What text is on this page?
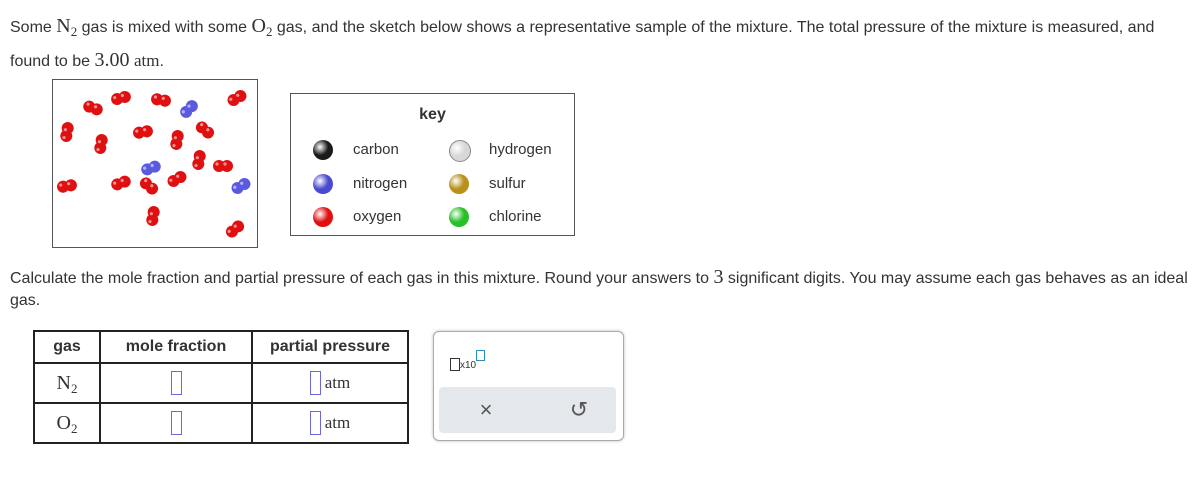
Some $N_2$ gas is mixed with some $O_2$ gas, and the sketch below shows a representative sample of the mixture. The total pressure of the mixture is measured, and found to be 3.00 atm.
key
carbon
nitrogen
oxygen
hydrogen
sulfur
chlorine
Calculate the mole fraction and partial pressure of each gas in this mixture. Round your answers to 3 significant digits. You may assume each gas behaves as an ideal gas.
gas	mole fraction	partial pressure
$N_2$		atm
$O_2$		atm
x10
×	↺
